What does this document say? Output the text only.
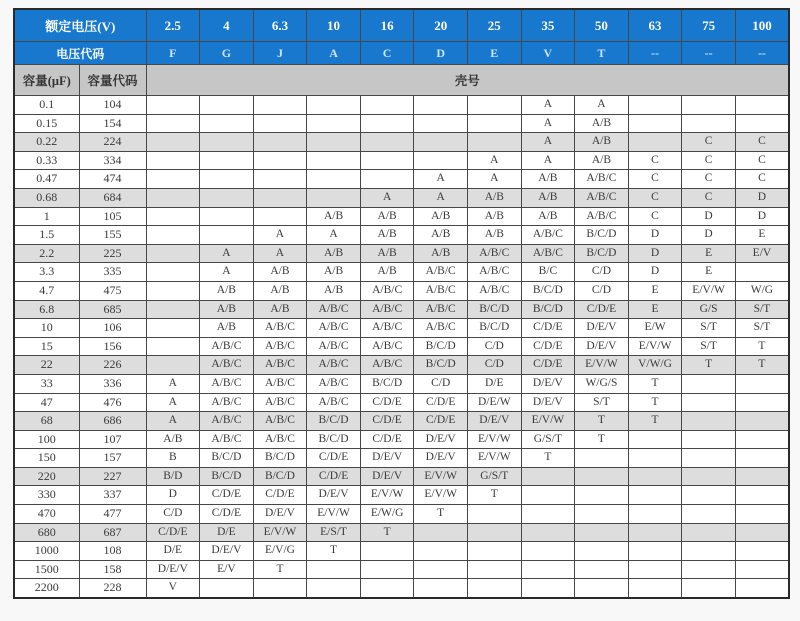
额定电压(V)		2.5	4	6.3	10	16	20	25	35	50	63	75	100
电压代码		F	G	J	A	C	D	E	V	T	--	--	--
容量(μF)	容量代码	壳号											
0.1	104								A	A			
0.15	154								A	A/B			
0.22	224								A	A/B		C	C
0.33	334							A	A	A/B	C	C	C
0.47	474						A	A	A/B	A/B/C	C	C	C
0.68	684					A	A	A/B	A/B	A/B/C	C	C	D
1	105				A/B	A/B	A/B	A/B	A/B	A/B/C	C	D	D
1.5	155			A	A	A/B	A/B	A/B	A/B/C	B/C/D	D	D	E
2.2	225		A	A	A/B	A/B	A/B	A/B/C	A/B/C	B/C/D	D	E	E/V
3.3	335		A	A/B	A/B	A/B	A/B/C	A/B/C	B/C	C/D	D	E	
4.7	475		A/B	A/B	A/B	A/B/C	A/B/C	A/B/C	B/C/D	C/D	E	E/V/W	W/G
6.8	685		A/B	A/B	A/B/C	A/B/C	A/B/C	B/C/D	B/C/D	C/D/E	E	G/S	S/T
10	106		A/B	A/B/C	A/B/C	A/B/C	A/B/C	B/C/D	C/D/E	D/E/V	E/W	S/T	S/T
15	156		A/B/C	A/B/C	A/B/C	A/B/C	B/C/D	C/D	C/D/E	D/E/V	E/V/W	S/T	T
22	226		A/B/C	A/B/C	A/B/C	A/B/C	B/C/D	C/D	C/D/E	E/V/W	V/W/G	T	T
33	336	A	A/B/C	A/B/C	A/B/C	B/C/D	C/D	D/E	D/E/V	W/G/S	T		
47	476	A	A/B/C	A/B/C	A/B/C	C/D/E	C/D/E	D/E/W	D/E/V	S/T	T		
68	686	A	A/B/C	A/B/C	B/C/D	C/D/E	C/D/E	D/E/V	E/V/W	T	T		
100	107	A/B	A/B/C	A/B/C	B/C/D	C/D/E	D/E/V	E/V/W	G/S/T	T			
150	157	B	B/C/D	B/C/D	C/D/E	D/E/V	D/E/V	E/V/W	T				
220	227	B/D	B/C/D	B/C/D	C/D/E	D/E/V	E/V/W	G/S/T					
330	337	D	C/D/E	C/D/E	D/E/V	E/V/W	E/V/W	T					
470	477	C/D	C/D/E	D/E/V	E/V/W	E/W/G	T						
680	687	C/D/E	D/E	E/V/W	E/S/T	T							
1000	108	D/E	D/E/V	E/V/G	T								
1500	158	D/E/V	E/V	T									
2200	228	V											
